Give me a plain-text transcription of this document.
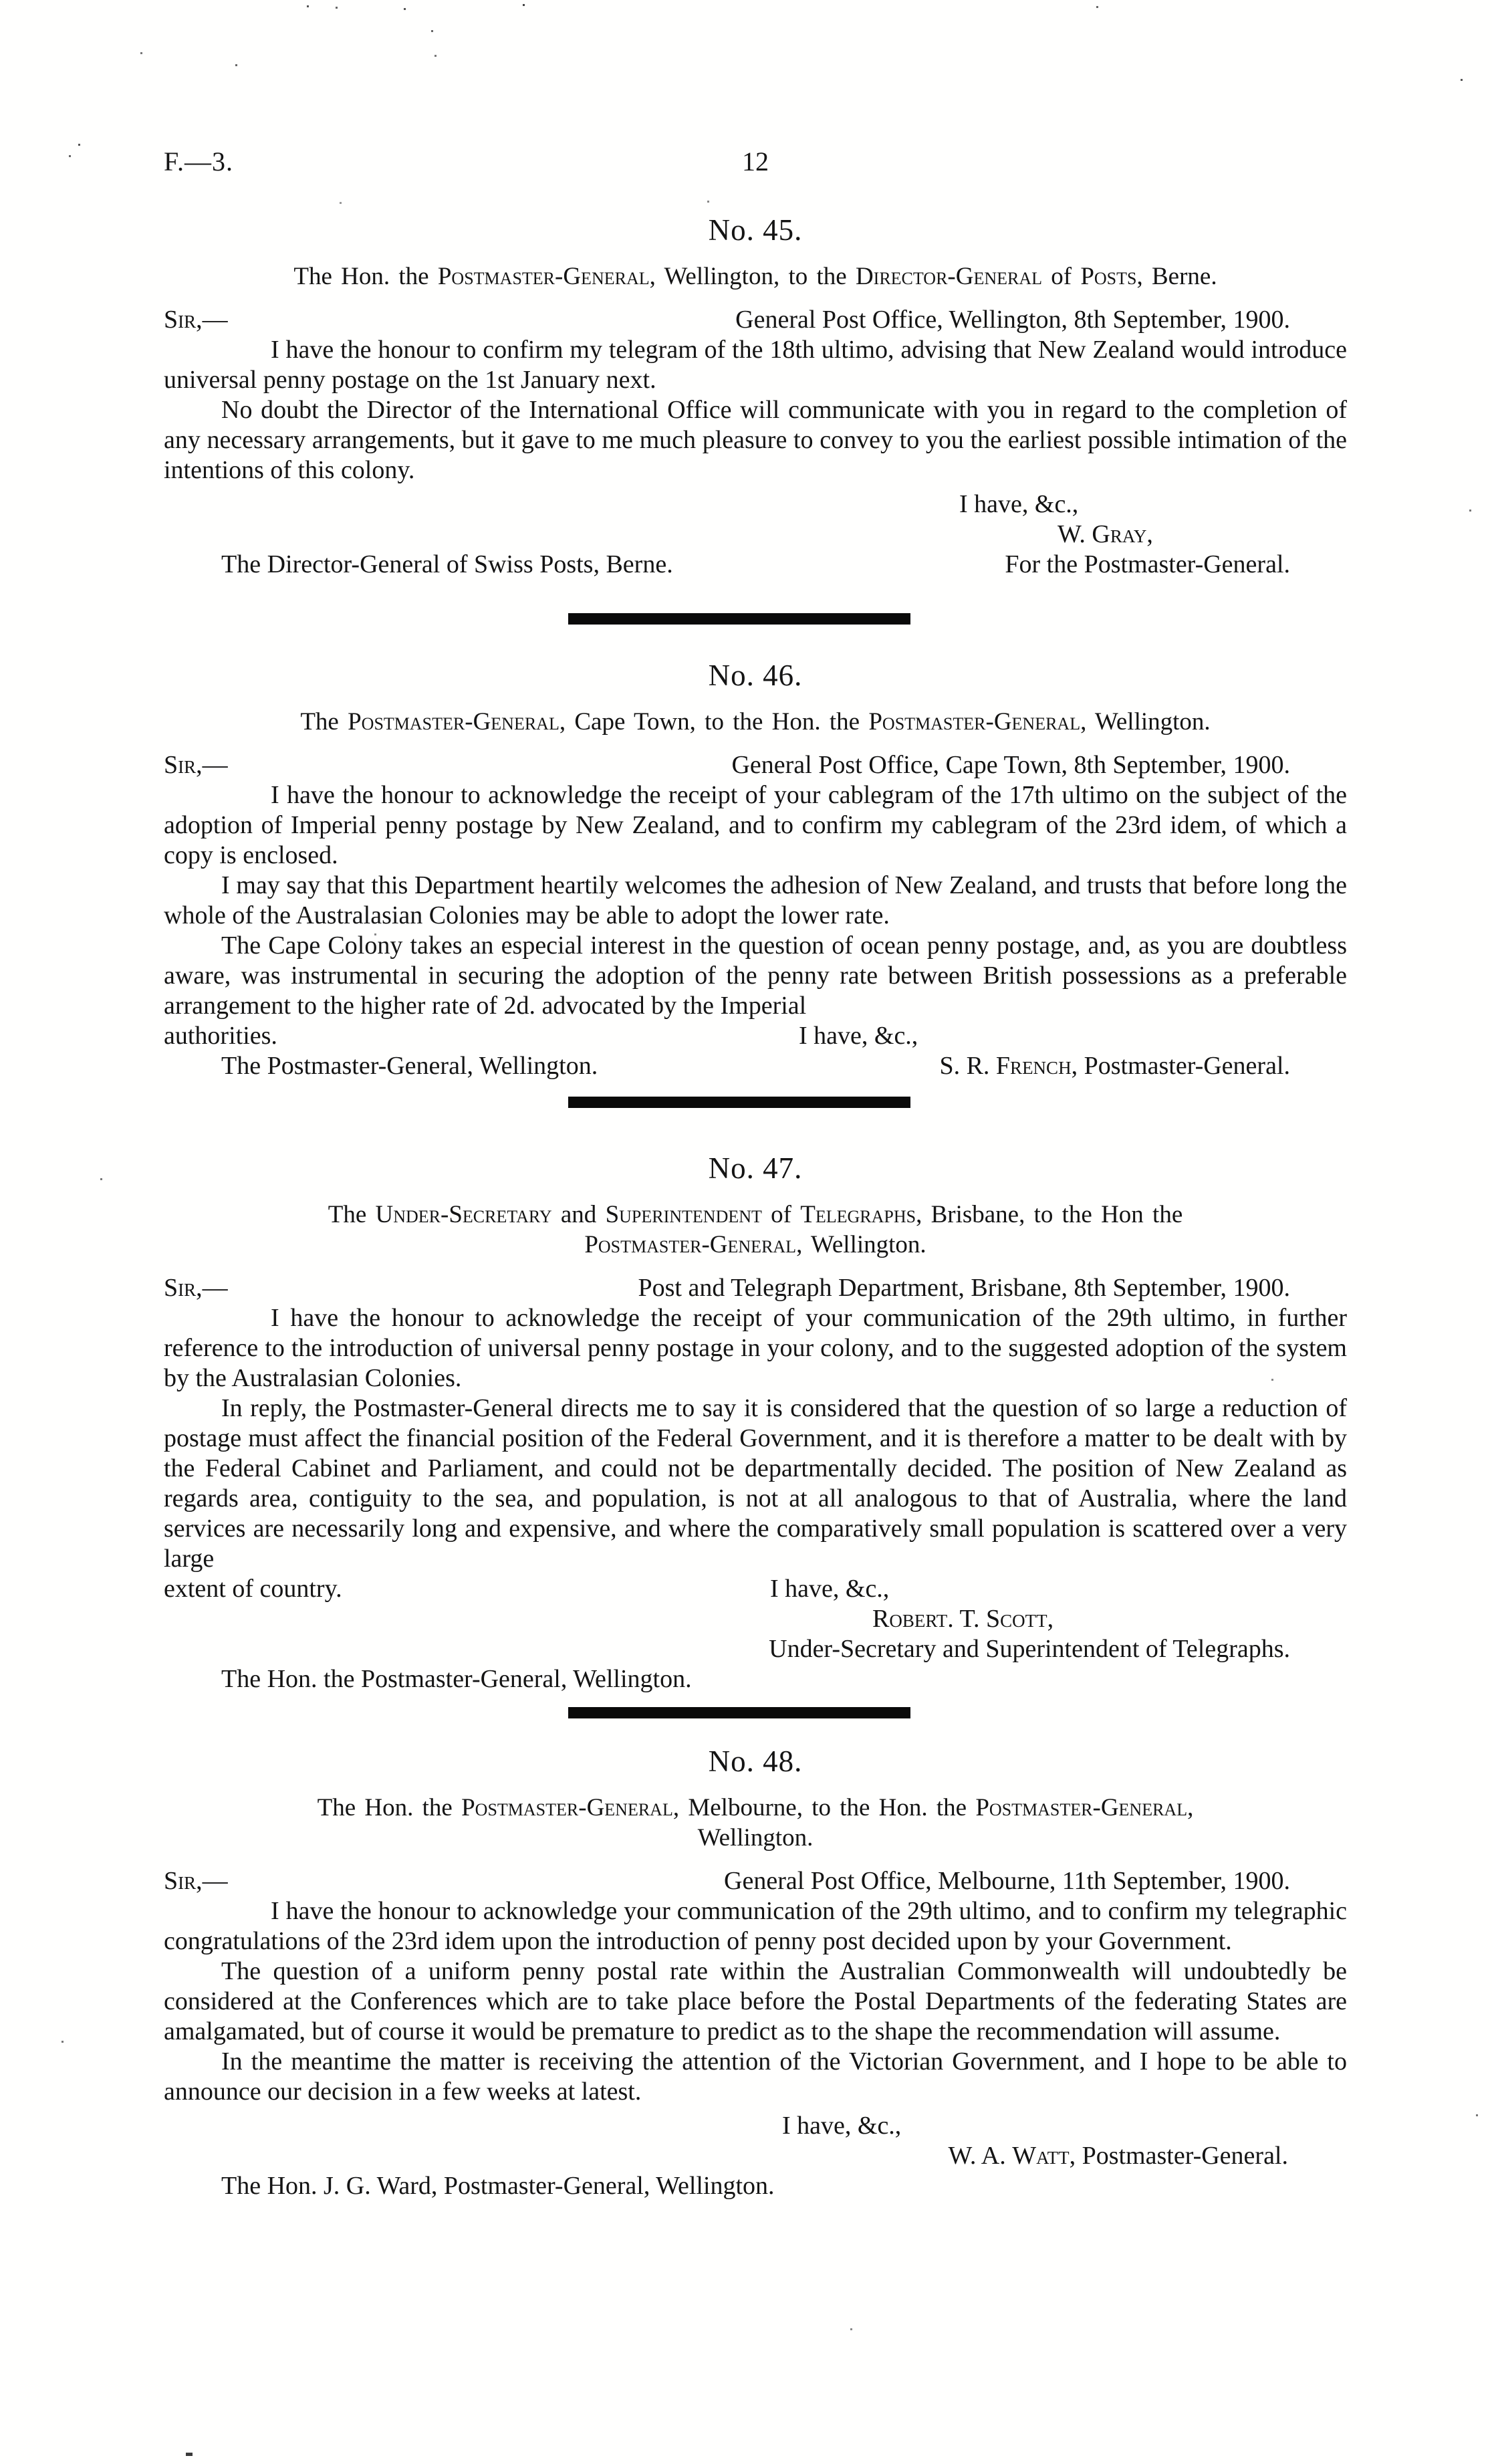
F.—3.	12
No. 45.

The Hon. the Postmaster-General, Wellington, to the Director-General of Posts, Berne.

Sir,—	General Post Office, Wellington, 8th September, 1900.

I have the honour to confirm my telegram of the 18th ultimo, advising that New Zealand would introduce universal penny postage on the 1st January next.

No doubt the Director of the International Office will communicate with you in regard to the completion of any necessary arrangements, but it gave to me much pleasure to convey to you the earliest possible intimation of the intentions of this colony.

I have, &c.,

W. Gray,

The Director-General of Swiss Posts, Berne.	For the Postmaster-General.
No. 46.

The Postmaster-General, Cape Town, to the Hon. the Postmaster-General, Wellington.

Sir,—	General Post Office, Cape Town, 8th September, 1900.

I have the honour to acknowledge the receipt of your cablegram of the 17th ultimo on the subject of the adoption of Imperial penny postage by New Zealand, and to confirm my cablegram of the 23rd idem, of which a copy is enclosed.

I may say that this Department heartily welcomes the adhesion of New Zealand, and trusts that before long the whole of the Australasian Colonies may be able to adopt the lower rate.

The Cape Colony takes an especial interest in the question of ocean penny postage, and, as you are doubtless aware, was instrumental in securing the adoption of the penny rate between British possessions as a preferable arrangement to the higher rate of 2d. advocated by the Imperial

authorities.	I have, &c.,
The Postmaster-General, Wellington.	S. R. French, Postmaster-General.
No. 47.

The Under-Secretary and Superintendent of Telegraphs, Brisbane, to the Hon the

Postmaster-General, Wellington.

Sir,—	Post and Telegraph Department, Brisbane, 8th September, 1900.

I have the honour to acknowledge the receipt of your communication of the 29th ultimo, in further reference to the introduction of universal penny postage in your colony, and to the suggested adoption of the system by the Australasian Colonies.

In reply, the Postmaster-General directs me to say it is considered that the question of so large a reduction of postage must affect the financial position of the Federal Government, and it is therefore a matter to be dealt with by the Federal Cabinet and Parliament, and could not be departmentally decided. The position of New Zealand as regards area, contiguity to the sea, and population, is not at all analogous to that of Australia, where the land services are necessarily long and expensive, and where the comparatively small population is scattered over a very large

extent of country.	I have, &c.,

Robert. T. Scott,

Under-Secretary and Superintendent of Telegraphs.

The Hon. the Postmaster-General, Wellington.

No. 48.

The Hon. the Postmaster-General, Melbourne, to the Hon. the Postmaster-General,

Wellington.

Sir,—	General Post Office, Melbourne, 11th September, 1900.

I have the honour to acknowledge your communication of the 29th ultimo, and to confirm my telegraphic congratulations of the 23rd idem upon the introduction of penny post decided upon by your Government.

The question of a uniform penny postal rate within the Australian Commonwealth will undoubtedly be considered at the Conferences which are to take place before the Postal Departments of the federating States are amalgamated, but of course it would be premature to predict as to the shape the recommendation will assume.

In the meantime the matter is receiving the attention of the Victorian Government, and I hope to be able to announce our decision in a few weeks at latest.

I have, &c.,

W. A. Watt, Postmaster-General.

The Hon. J. G. Ward, Postmaster-General, Wellington.
